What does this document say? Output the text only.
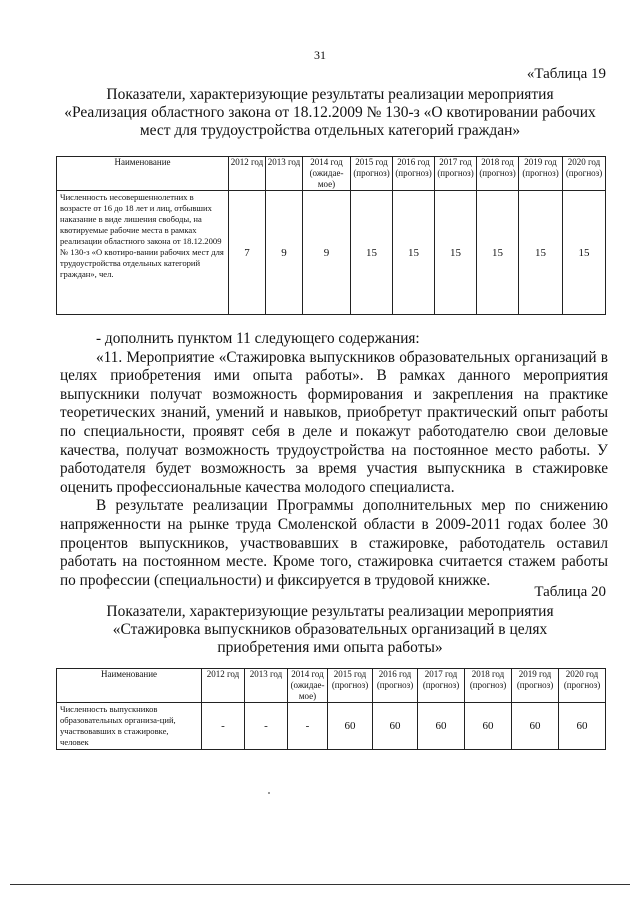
31
«Таблица 19
Показатели, характеризующие результаты реализации мероприятия
«Реализация областного закона от 18.12.2009 № 130-з «О квотировании рабочих
мест для трудоустройства отдельных категорий граждан»
Наименование	2012 год	2013 год	2014 год (ожидае-мое)	2015 год (прогноз)	2016 год (прогноз)	2017 год (прогноз)	2018 год (прогноз)	2019 год (прогноз)	2020 год (прогноз)
Численность несовершеннолетних в возрасте от 16 до 18 лет и лиц, отбывших наказание в виде лишения свободы, на квотируемые рабочие места в рамках реализации областного закона от 18.12.2009 № 130-з «О квотиро-вании рабочих мест для трудоустройства отдельных категорий граждан», чел.	7	9	9	15	15	15	15	15	15

- дополнить пунктом 11 следующего содержания:

«11. Мероприятие «Стажировка выпускников образовательных организаций в целях приобретения ими опыта работы». В рамках данного мероприятия выпускники получат возможность формирования и закрепления на практике теоретических знаний, умений и навыков, приобретут практический опыт работы по специальности, проявят себя в деле и покажут работодателю свои деловые качества, получат возможность трудоустройства на постоянное место работы. У работодателя будет возможность за время участия выпускника в стажировке оценить профессиональные качества молодого специалиста.

В результате реализации Программы дополнительных мер по снижению напряженности на рынке труда Смоленской области в 2009-2011 годах более 30 процентов выпускников, участвовавших в стажировке, работодатель оставил работать на постоянном месте. Кроме того, стажировка считается стажем работы по профессии (специальности) и фиксируется в трудовой книжке.

Таблица 20
Показатели, характеризующие результаты реализации мероприятия
«Стажировка выпускников образовательных организаций в целях
приобретения ими опыта работы»
Наименование	2012 год	2013 год	2014 год (ожидае-мое)	2015 год (прогноз)	2016 год (прогноз)	2017 год (прогноз)	2018 год (прогноз)	2019 год (прогноз)	2020 год (прогноз)
Численность выпускников образовательных организа-ций, участвовавших в стажировке, человек	-	-	-	60	60	60	60	60	60
